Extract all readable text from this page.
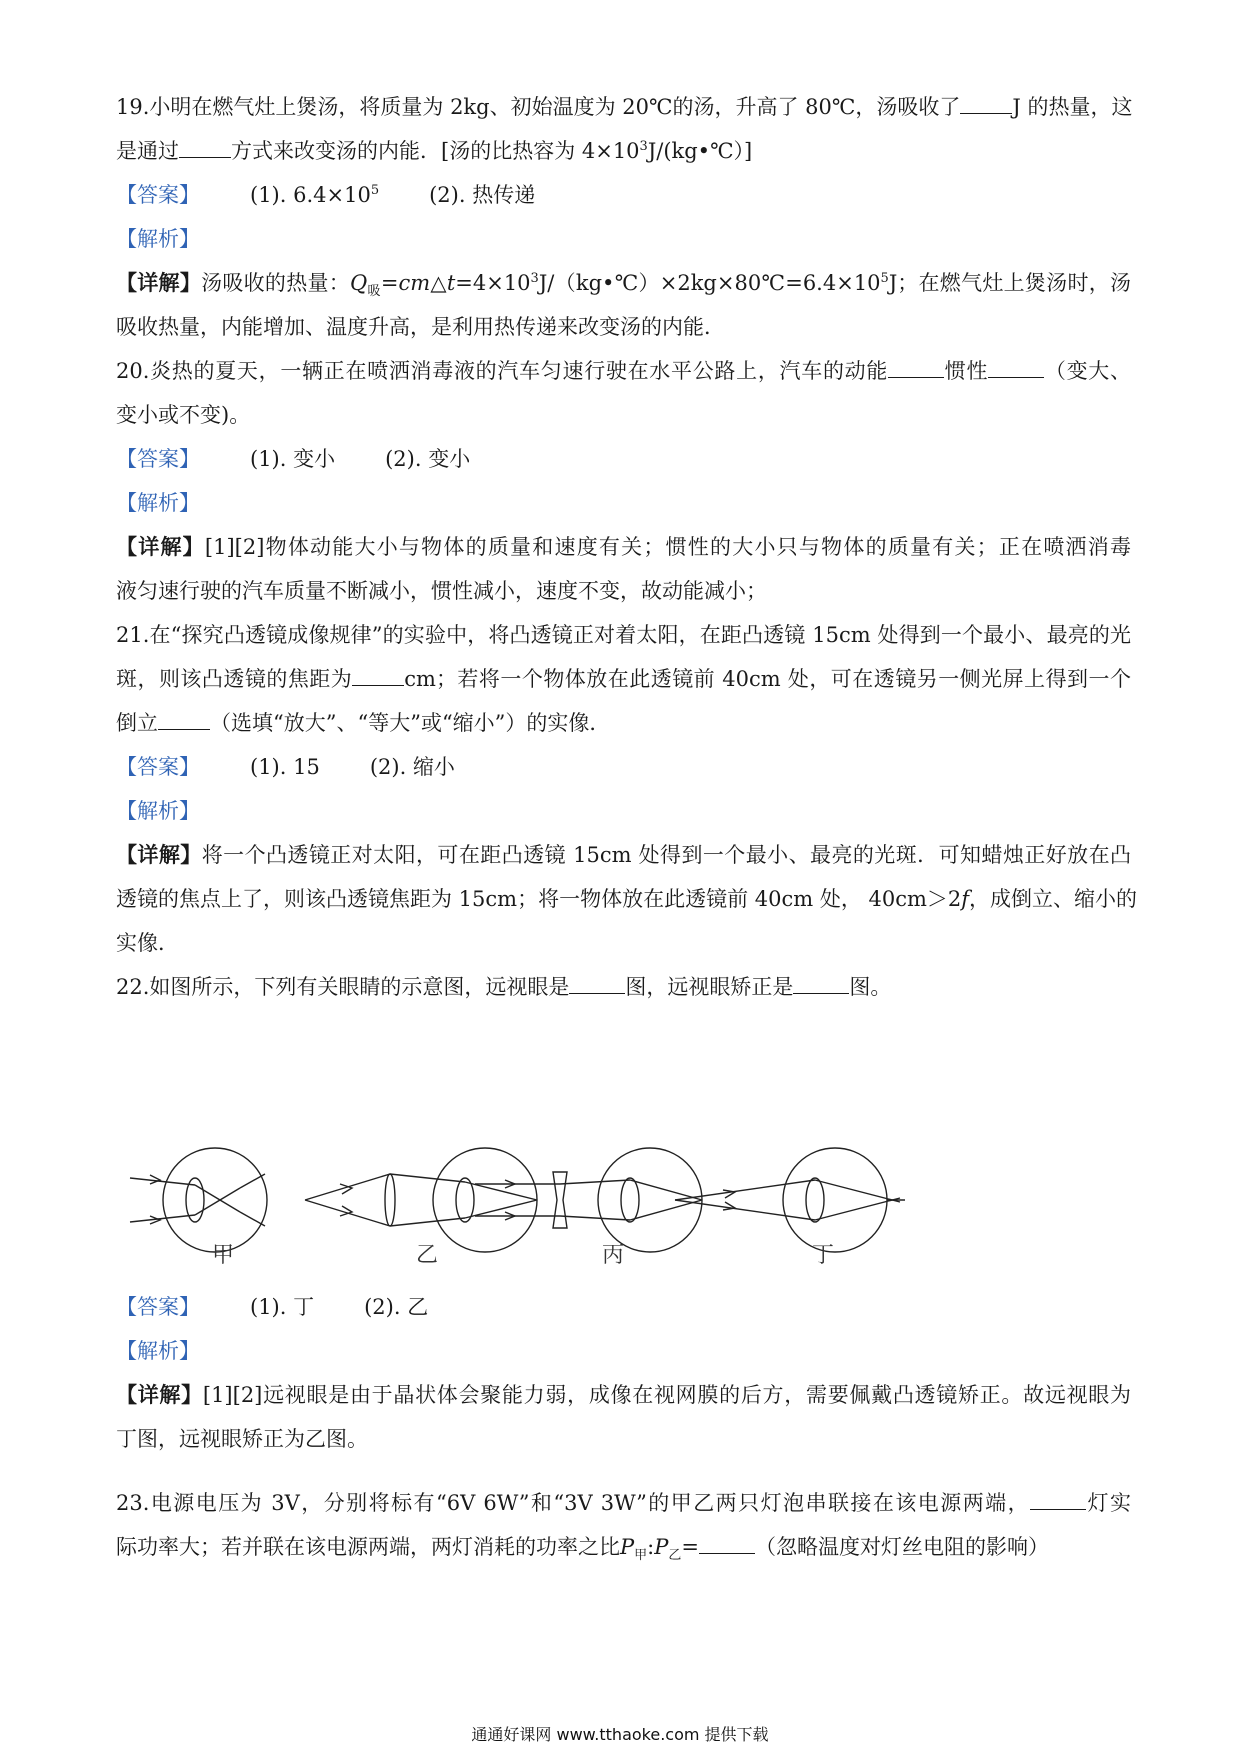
19.小明在燃气灶上煲汤，将质量为 2kg、初始温度为 20℃的汤，升高了 80℃，汤吸收了 J 的热量，这
是通过 方式来改变汤的内能．[汤的比热容为 $4\times 10^3J/(kg•℃)$]
【答案】 (1). $6.4\times 10^5$ (2). 热传递
【解析】
【详解】汤吸收的热量：$Q_吸=cm\triangle t=4\times 10^3J/(kg•℃)\times 2kg\times 80℃=6.4\times 10^5J$；在燃气灶上煲汤时，汤
吸收热量，内能增加、温度升高，是利用热传递来改变汤的内能．
20.炎热的夏天，一辆正在喷洒消毒液的汽车匀速行驶在水平公路上，汽车的动能	惯性	（变大、
变小或不变)。
【答案】 (1). 变小 (2). 变小
【解析】
【详解】[1][2]物体动能大小与物体的质量和速度有关；惯性的大小只与物体的质量有关；正在喷洒消毒
液匀速行驶的汽车质量不断减小，惯性减小，速度不变，故动能减小；
21.在“探究凸透镜成像规律”的实验中，将凸透镜正对着太阳，在距凸透镜 15cm 处得到一个最小、最亮的光
斑，则该凸透镜的焦距为 cm；若将一个物体放在此透镜前 40cm 处，可在透镜另一侧光屏上得到一个
倒立 （选填“放大”、“等大”或“缩小”）的实像．
【答案】 (1). 15 (2). 缩小
【解析】
【详解】将一个凸透镜正对太阳，可在距凸透镜 15cm 处得到一个最小、最亮的光斑．可知蜡烛正好放在凸
透镜的焦点上了，则该凸透镜焦距为 15cm；将一物体放在此透镜前 40cm 处， 40cm＞2f，成倒立、缩小的
实像．
22.如图所示，下列有关眼睛的示意图，远视眼是	图，远视眼矫正是	图。
甲	乙	丙	丁
【答案】 (1). 丁 (2). 乙
【解析】
【详解】[1][2]远视眼是由于晶状体会聚能力弱，成像在视网膜的后方，需要佩戴凸透镜矫正。故远视眼为
丁图，远视眼矫正为乙图。
23.电源电压为 3V，分别将标有“6V 6W”和“3V 3W”的甲乙两只灯泡串联接在该电源两端，	灯实
际功率大；若并联在该电源两端，两灯消耗的功率之比$P_甲:P_乙=$	（忽略温度对灯丝电阻的影响）
通通好课网 www.tthaoke.com 提供下载
